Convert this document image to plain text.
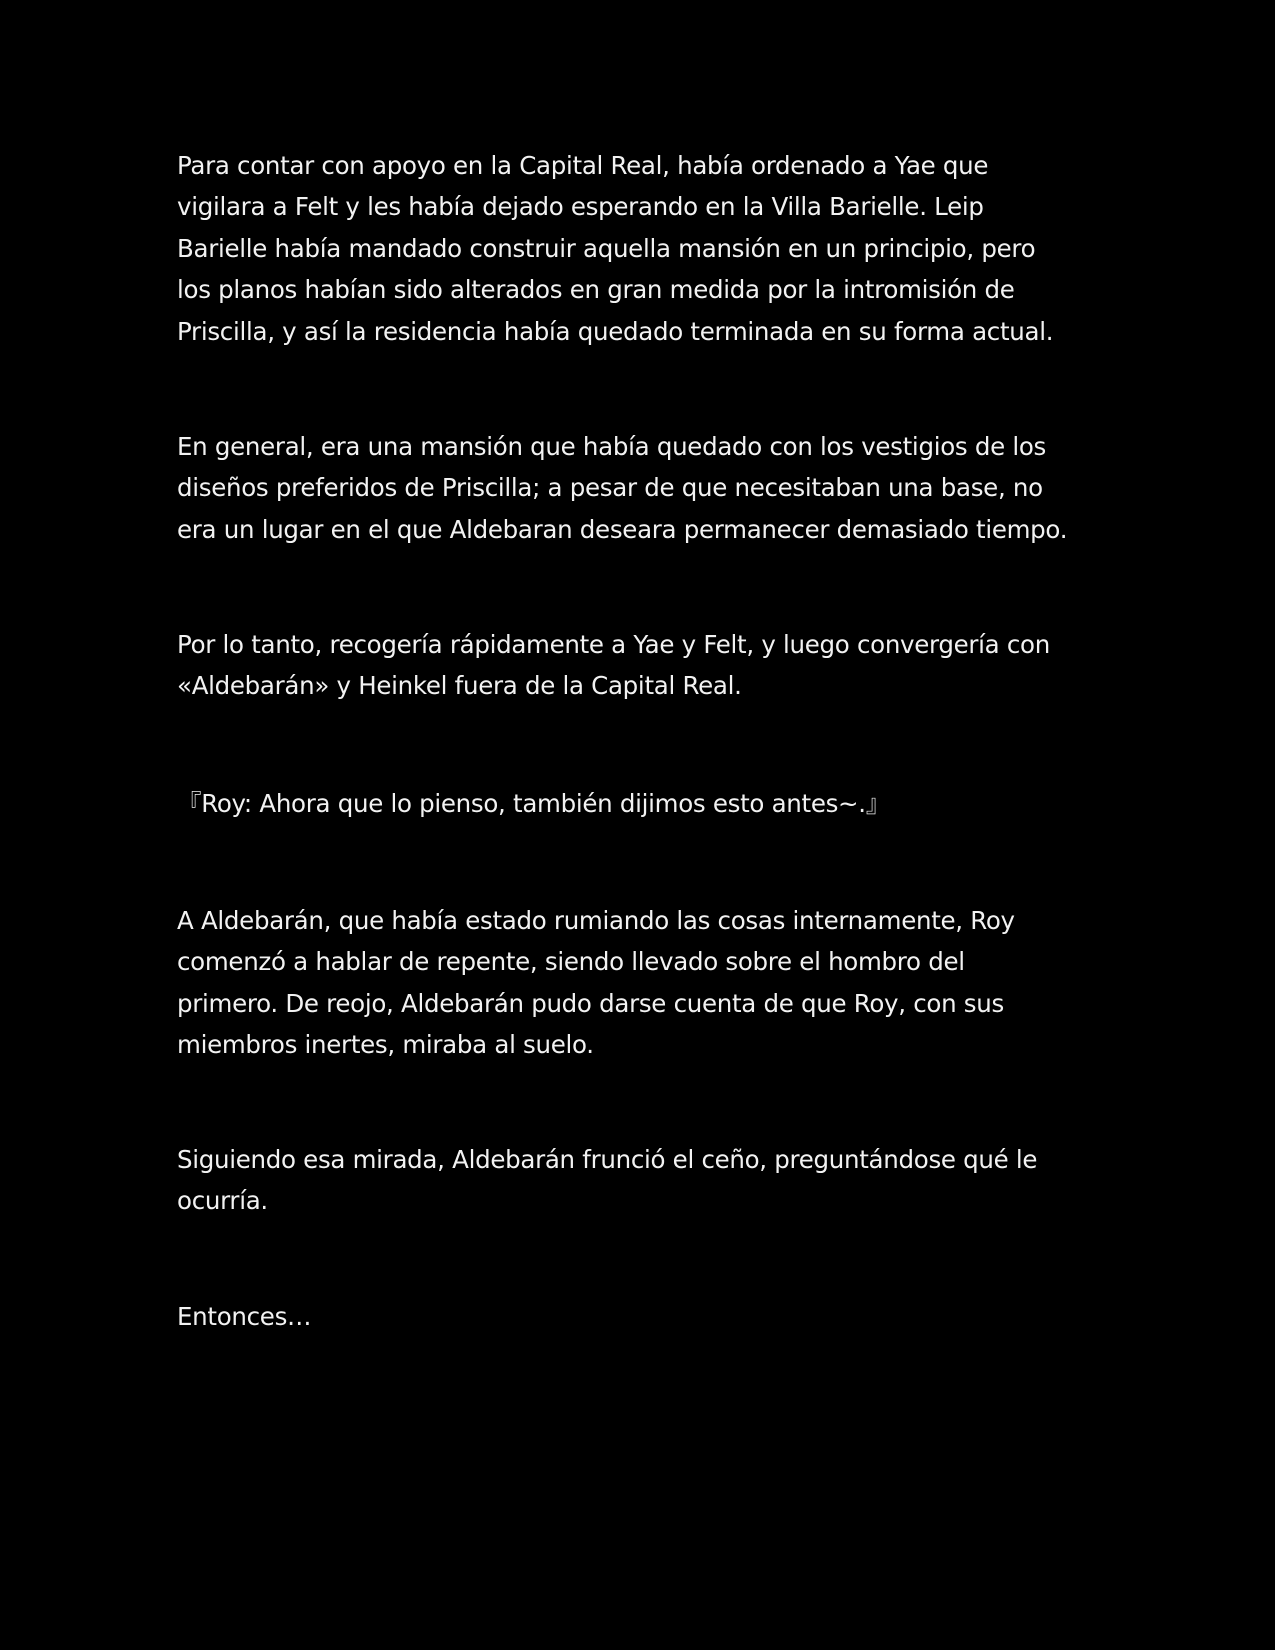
Para contar con apoyo en la Capital Real, había ordenado a Yae que
vigilara a Felt y les había dejado esperando en la Villa Barielle. Leip
Barielle había mandado construir aquella mansión en un principio, pero
los planos habían sido alterados en gran medida por la intromisión de
Priscilla, y así la residencia había quedado terminada en su forma actual.

En general, era una mansión que había quedado con los vestigios de los
diseños preferidos de Priscilla; a pesar de que necesitaban una base, no
era un lugar en el que Aldebaran deseara permanecer demasiado tiempo.

Por lo tanto, recogería rápidamente a Yae y Felt, y luego convergería con
«Aldebarán» y Heinkel fuera de la Capital Real.

『Roy: Ahora que lo pienso, también dijimos esto antes~.』

A Aldebarán, que había estado rumiando las cosas internamente, Roy
comenzó a hablar de repente, siendo llevado sobre el hombro del
primero. De reojo, Aldebarán pudo darse cuenta de que Roy, con sus
miembros inertes, miraba al suelo.

Siguiendo esa mirada, Aldebarán frunció el ceño, preguntándose qué le
ocurría.

Entonces…
